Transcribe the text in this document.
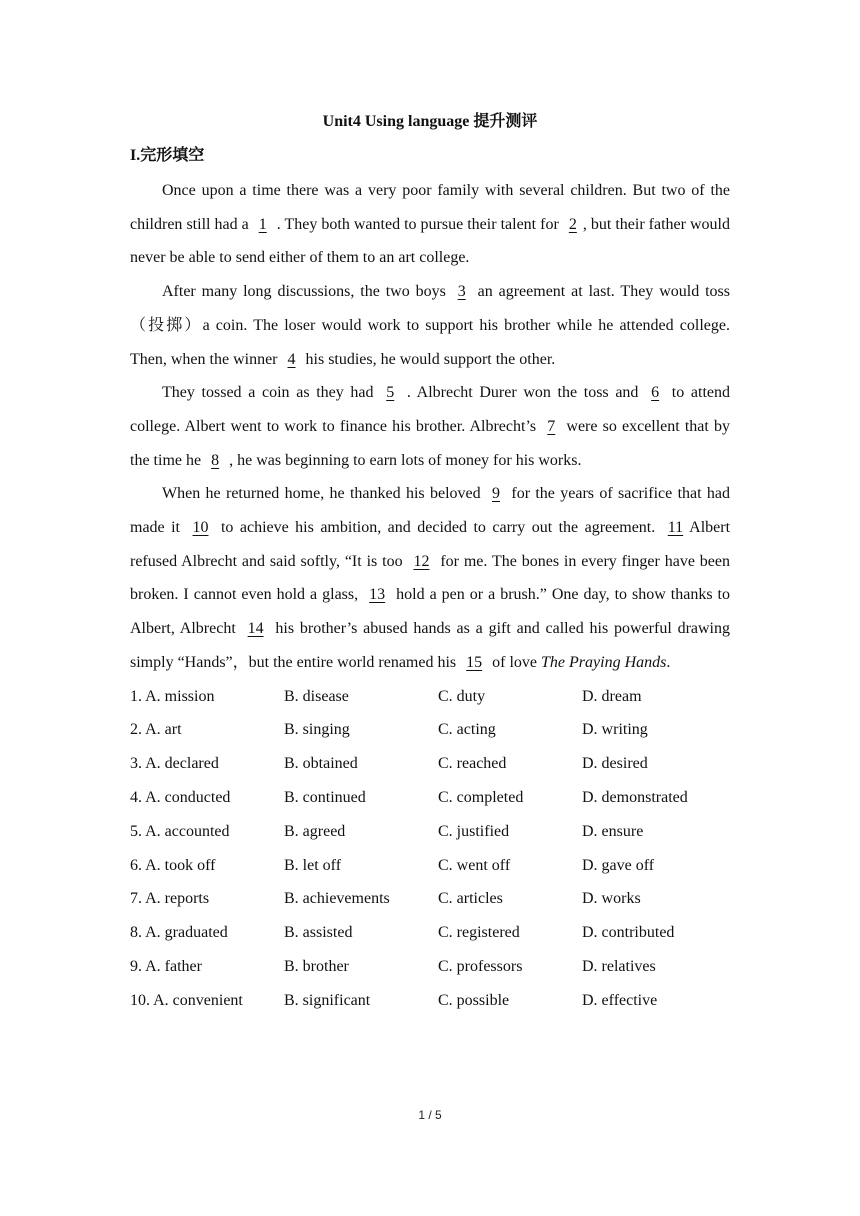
Unit4 Using language 提升测评
I.完形填空

Once upon a time there was a very poor family with several children. But two of the children still had a 1 . They both wanted to pursue their talent for 2 , but their father would never be able to send either of them to an art college.

After many long discussions, the two boys 3 an agreement at last. They would toss（投掷）a coin. The loser would work to support his brother while he attended college. Then, when the winner 4 his studies, he would support the other.

They tossed a coin as they had 5 . Albrecht Durer won the toss and 6 to attend college. Albert went to work to finance his brother. Albrecht’s 7 were so excellent that by the time he 8 , he was beginning to earn lots of money for his works.

When he returned home, he thanked his beloved 9 for the years of sacrifice that had made it 10 to achieve his ambition, and decided to carry out the agreement. 11 Albert refused Albrecht and said softly, “It is too 12 for me. The bones in every finger have been broken. I cannot even hold a glass, 13 hold a pen or a brush.” One day, to show thanks to Albert, Albrecht 14 his brother’s abused hands as a gift and called his powerful drawing simply “Hands”，but the entire world renamed his 15 of love The Praying Hands.

1. A. mission	B. disease	C. duty	D. dream
2. A. art	B. singing	C. acting	D. writing
3. A. declared	B. obtained	C. reached	D. desired
4. A. conducted	B. continued	C. completed	D. demonstrated
5. A. accounted	B. agreed	C. justified	D. ensure
6. A. took off	B. let off	C. went off	D. gave off
7. A. reports	B. achievements	C. articles	D. works
8. A. graduated	B. assisted	C. registered	D. contributed
9. A. father	B. brother	C. professors	D. relatives
10. A. convenient	B. significant	C. possible	D. effective
1 / 5
